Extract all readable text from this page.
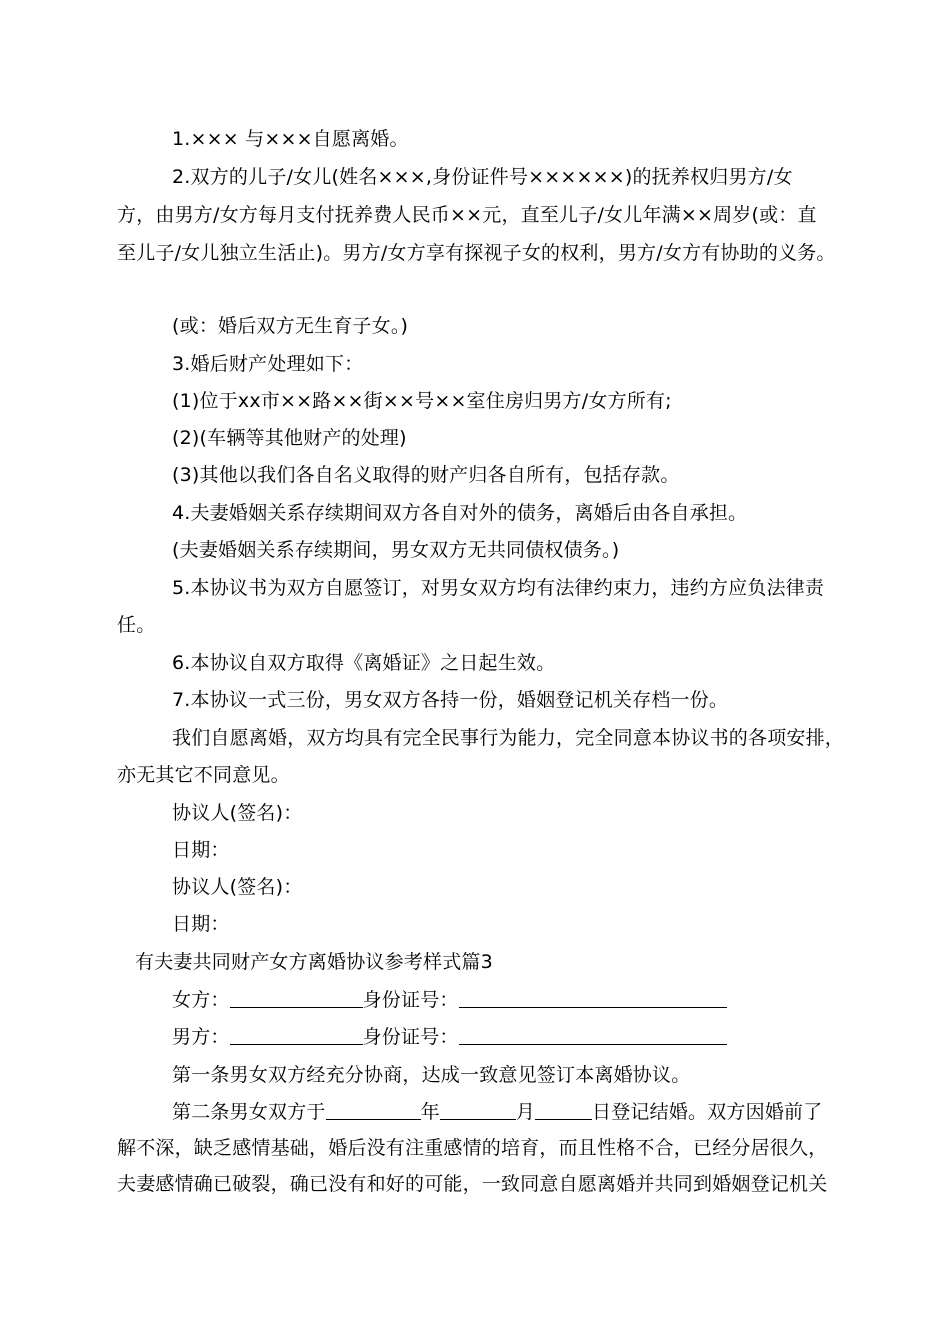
1.××× 与×××自愿离婚。
2.双方的儿子/女儿(姓名×××,身份证件号××××××)的抚养权归男方/女
方，由男方/女方每月支付抚养费人民币××元，直至儿子/女儿年满××周岁(或：直
至儿子/女儿独立生活止)。男方/女方享有探视子女的权利，男方/女方有协助的义务。
(或：婚后双方无生育子女。)
3.婚后财产处理如下：
(1)位于xx市××路××街××号××室住房归男方/女方所有;
(2)(车辆等其他财产的处理)
(3)其他以我们各自名义取得的财产归各自所有，包括存款。
4.夫妻婚姻关系存续期间双方各自对外的债务，离婚后由各自承担。
(夫妻婚姻关系存续期间，男女双方无共同债权债务。)
5.本协议书为双方自愿签订，对男女双方均有法律约束力，违约方应负法律责
任。
6.本协议自双方取得《离婚证》之日起生效。
7.本协议一式三份，男女双方各持一份，婚姻登记机关存档一份。
我们自愿离婚，双方均具有完全民事行为能力，完全同意本协议书的各项安排，
亦无其它不同意见。
协议人(签名)：
日期：
协议人(签名)：
日期：
有夫妻共同财产女方离婚协议参考样式篇3
女方：	身份证号：
男方：	身份证号：
第一条男女双方经充分协商，达成一致意见签订本离婚协议。
第二条男女双方于	年	月	日登记结婚。双方因婚前了
解不深，缺乏感情基础，婚后没有注重感情的培育，而且性格不合，已经分居很久，
夫妻感情确已破裂，确已没有和好的可能，一致同意自愿离婚并共同到婚姻登记机关
